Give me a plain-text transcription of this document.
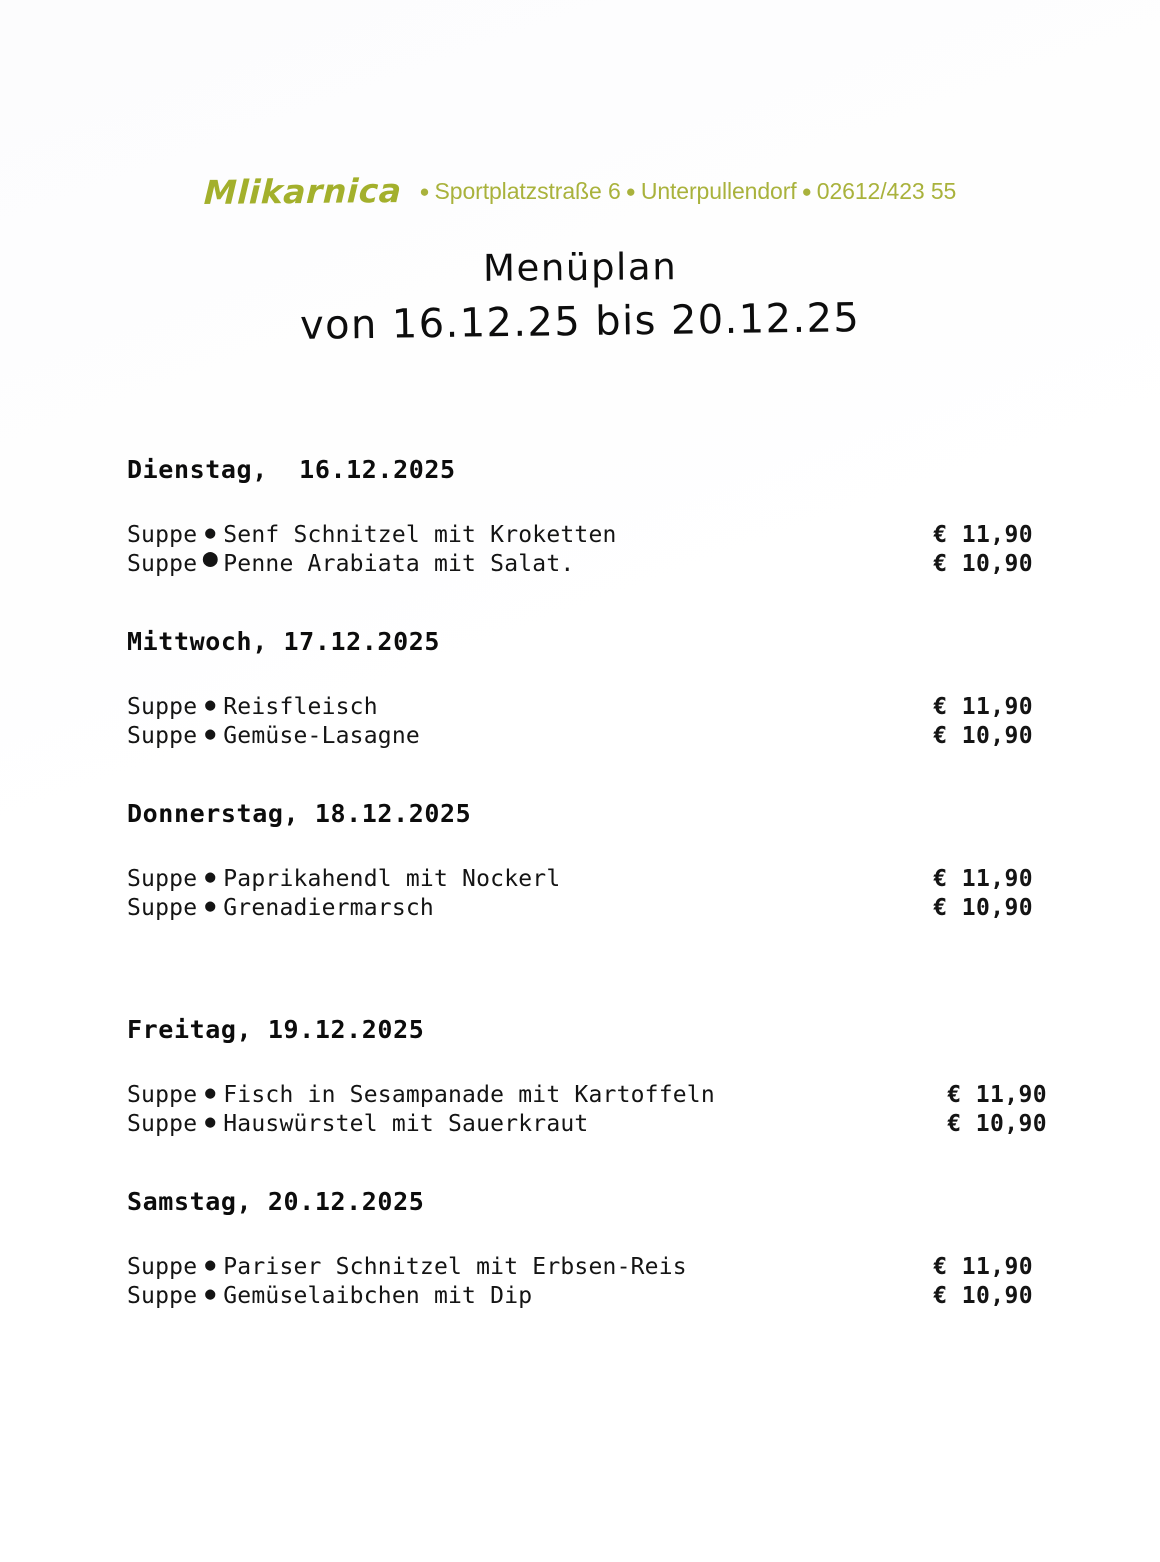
Mlikarnica ● Sportplatzstraße 6 ● Unterpullendorf ● 02612/423 55
Menüplan
von 16.12.25 bis 20.12.25
Dienstag,  16.12.2025
Suppe ● Senf Schnitzel mit Kroketten	€ 11,90
Suppe ● Penne Arabiata mit Salat.	€ 10,90
Mittwoch, 17.12.2025
Suppe ● Reisfleisch	€ 11,90
Suppe ● Gemüse-Lasagne	€ 10,90
Donnerstag, 18.12.2025
Suppe ● Paprikahendl mit Nockerl	€ 11,90
Suppe ● Grenadiermarsch	€ 10,90
Freitag, 19.12.2025
Suppe ● Fisch in Sesampanade mit Kartoffeln	€ 11,90
Suppe ● Hauswürstel mit Sauerkraut	€ 10,90
Samstag, 20.12.2025
Suppe ● Pariser Schnitzel mit Erbsen-Reis	€ 11,90
Suppe ● Gemüselaibchen mit Dip	€ 10,90
